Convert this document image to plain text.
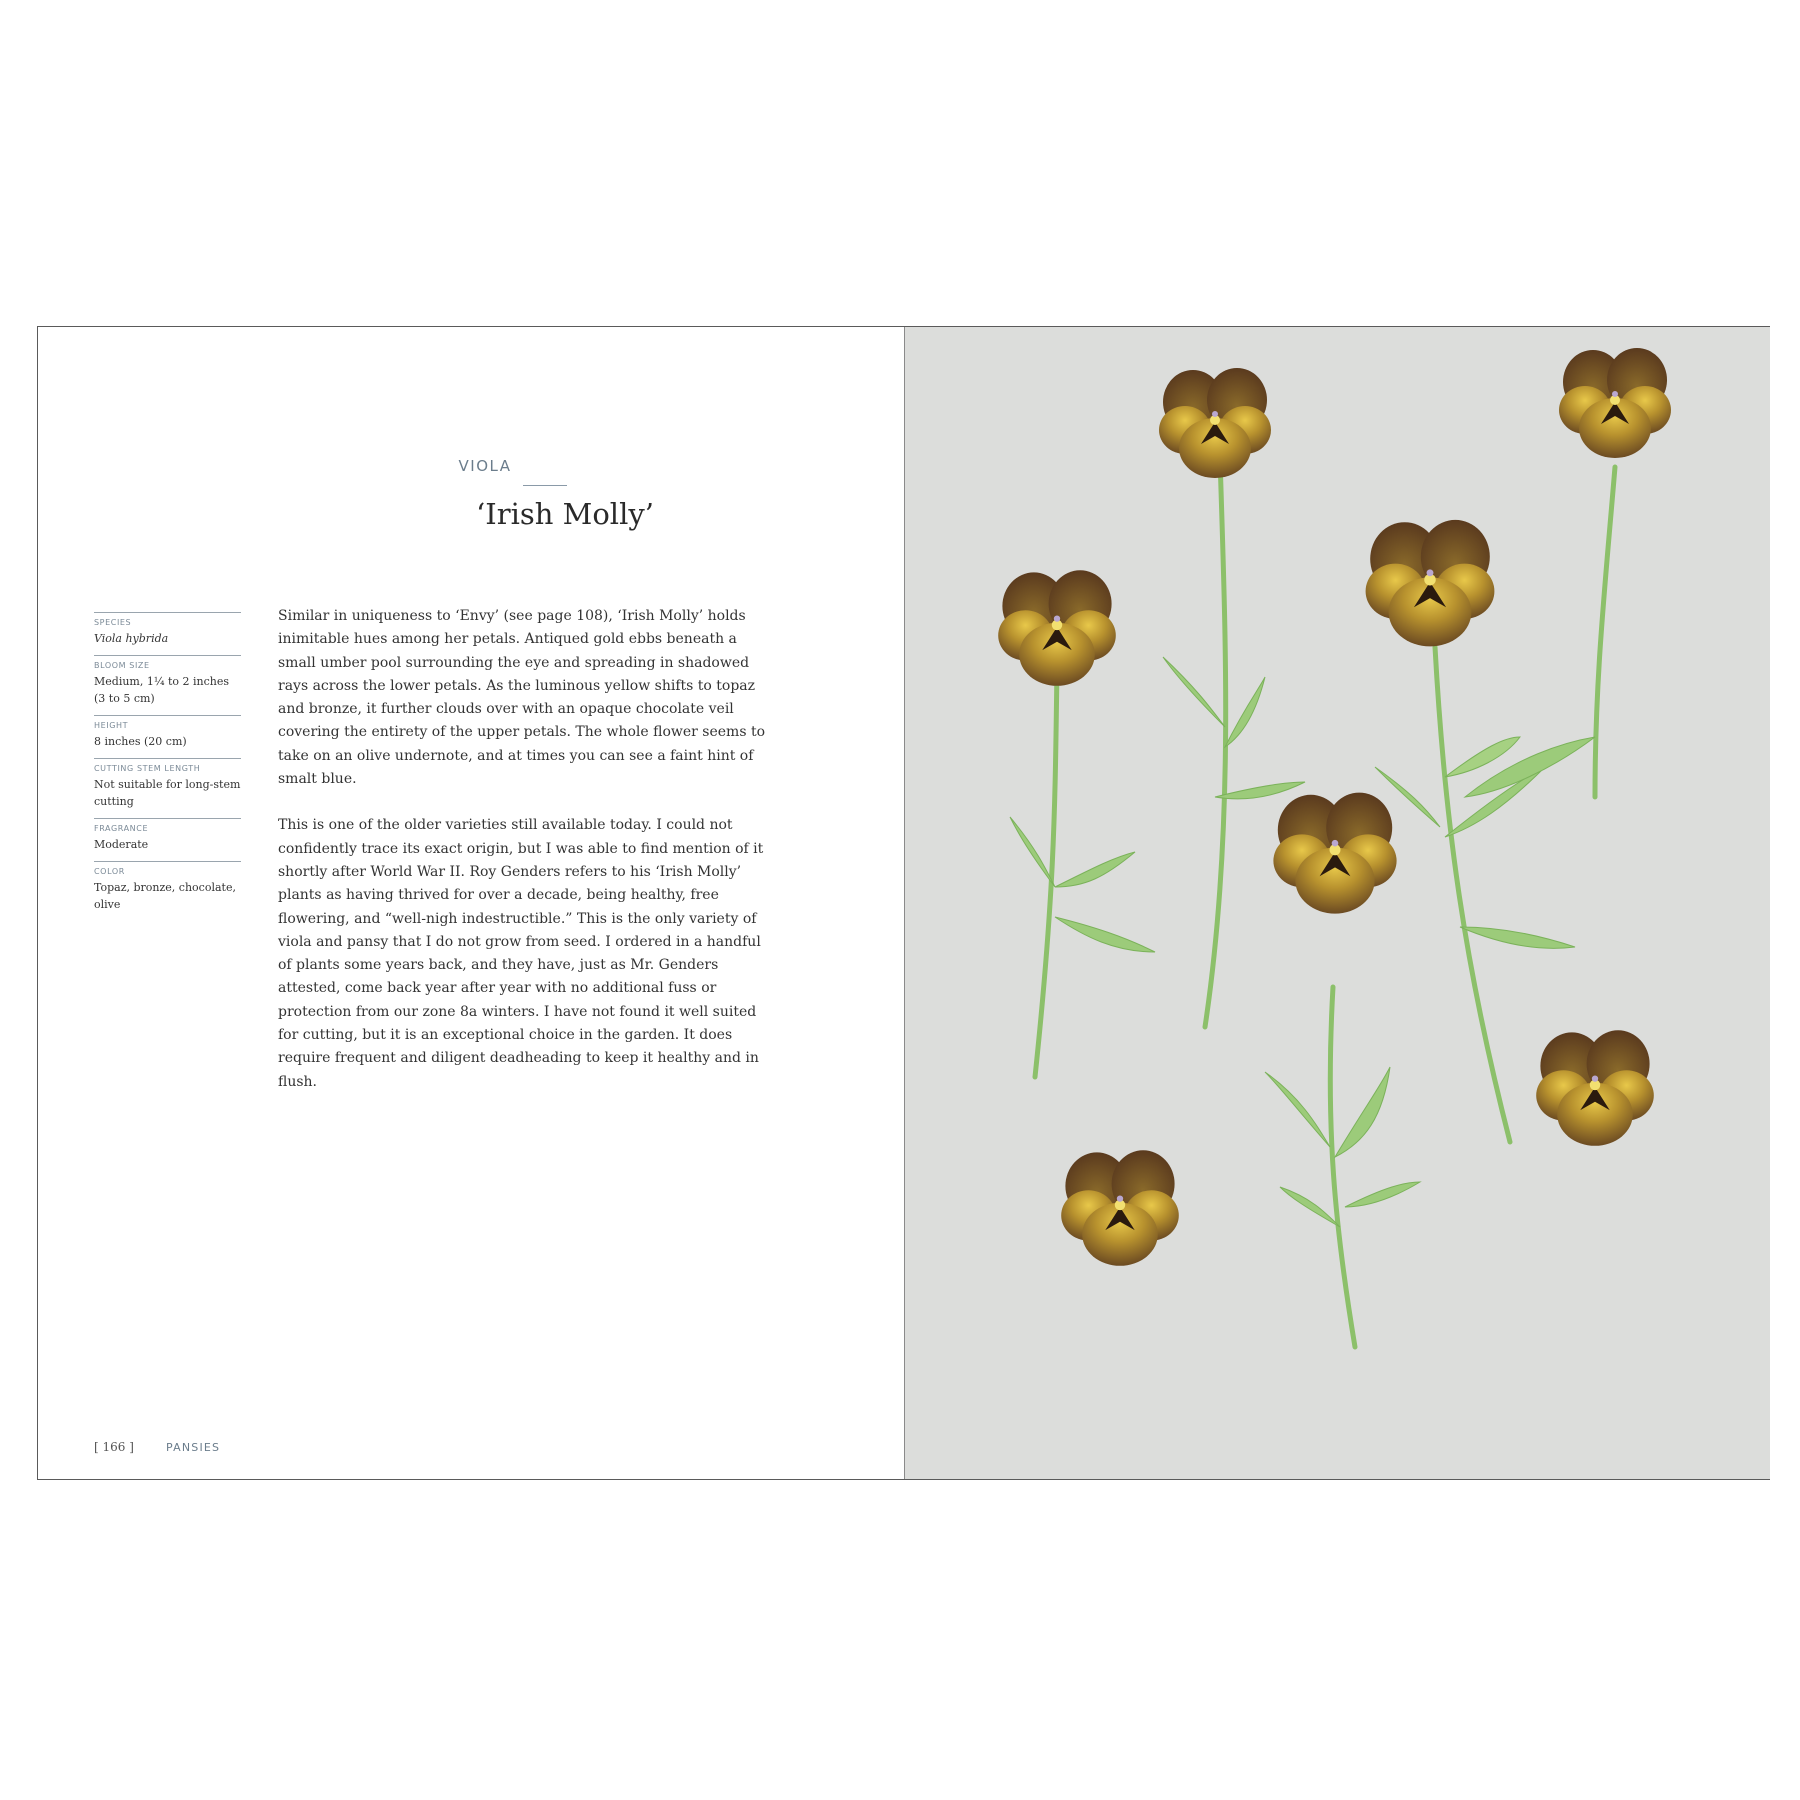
VIOLA
‘Irish Molly’
SPECIES
Viola hybrida
BLOOM SIZE
Medium, 1¼ to 2 inches (3 to 5 cm)
HEIGHT
8 inches (20 cm)
CUTTING STEM LENGTH
Not suitable for long-stem cutting
FRAGRANCE
Moderate
COLOR
Topaz, bronze, chocolate, olive

Similar in uniqueness to ‘Envy’ (see page 108), ‘Irish Molly’ holds inimitable hues among her petals. Antiqued gold ebbs beneath a small umber pool surrounding the eye and spreading in shadowed rays across the lower petals. As the luminous yellow shifts to topaz and bronze, it further clouds over with an opaque chocolate veil covering the entirety of the upper petals. The whole flower seems to take on an olive undernote, and at times you can see a faint hint of smalt blue.

This is one of the older varieties still available today. I could not confidently trace its exact origin, but I was able to find mention of it shortly after World War II. Roy Genders refers to his ‘Irish Molly’ plants as having thrived for over a decade, being healthy, free flowering, and “well-nigh indestructible.” This is the only variety of viola and pansy that I do not grow from seed. I ordered in a handful of plants some years back, and they have, just as Mr. Genders attested, come back year after year with no additional fuss or protection from our zone 8a winters. I have not found it well suited for cutting, but it is an exceptional choice in the garden. It does require frequent and diligent deadheading to keep it healthy and in flush.

[ 166 ]	PANSIES
